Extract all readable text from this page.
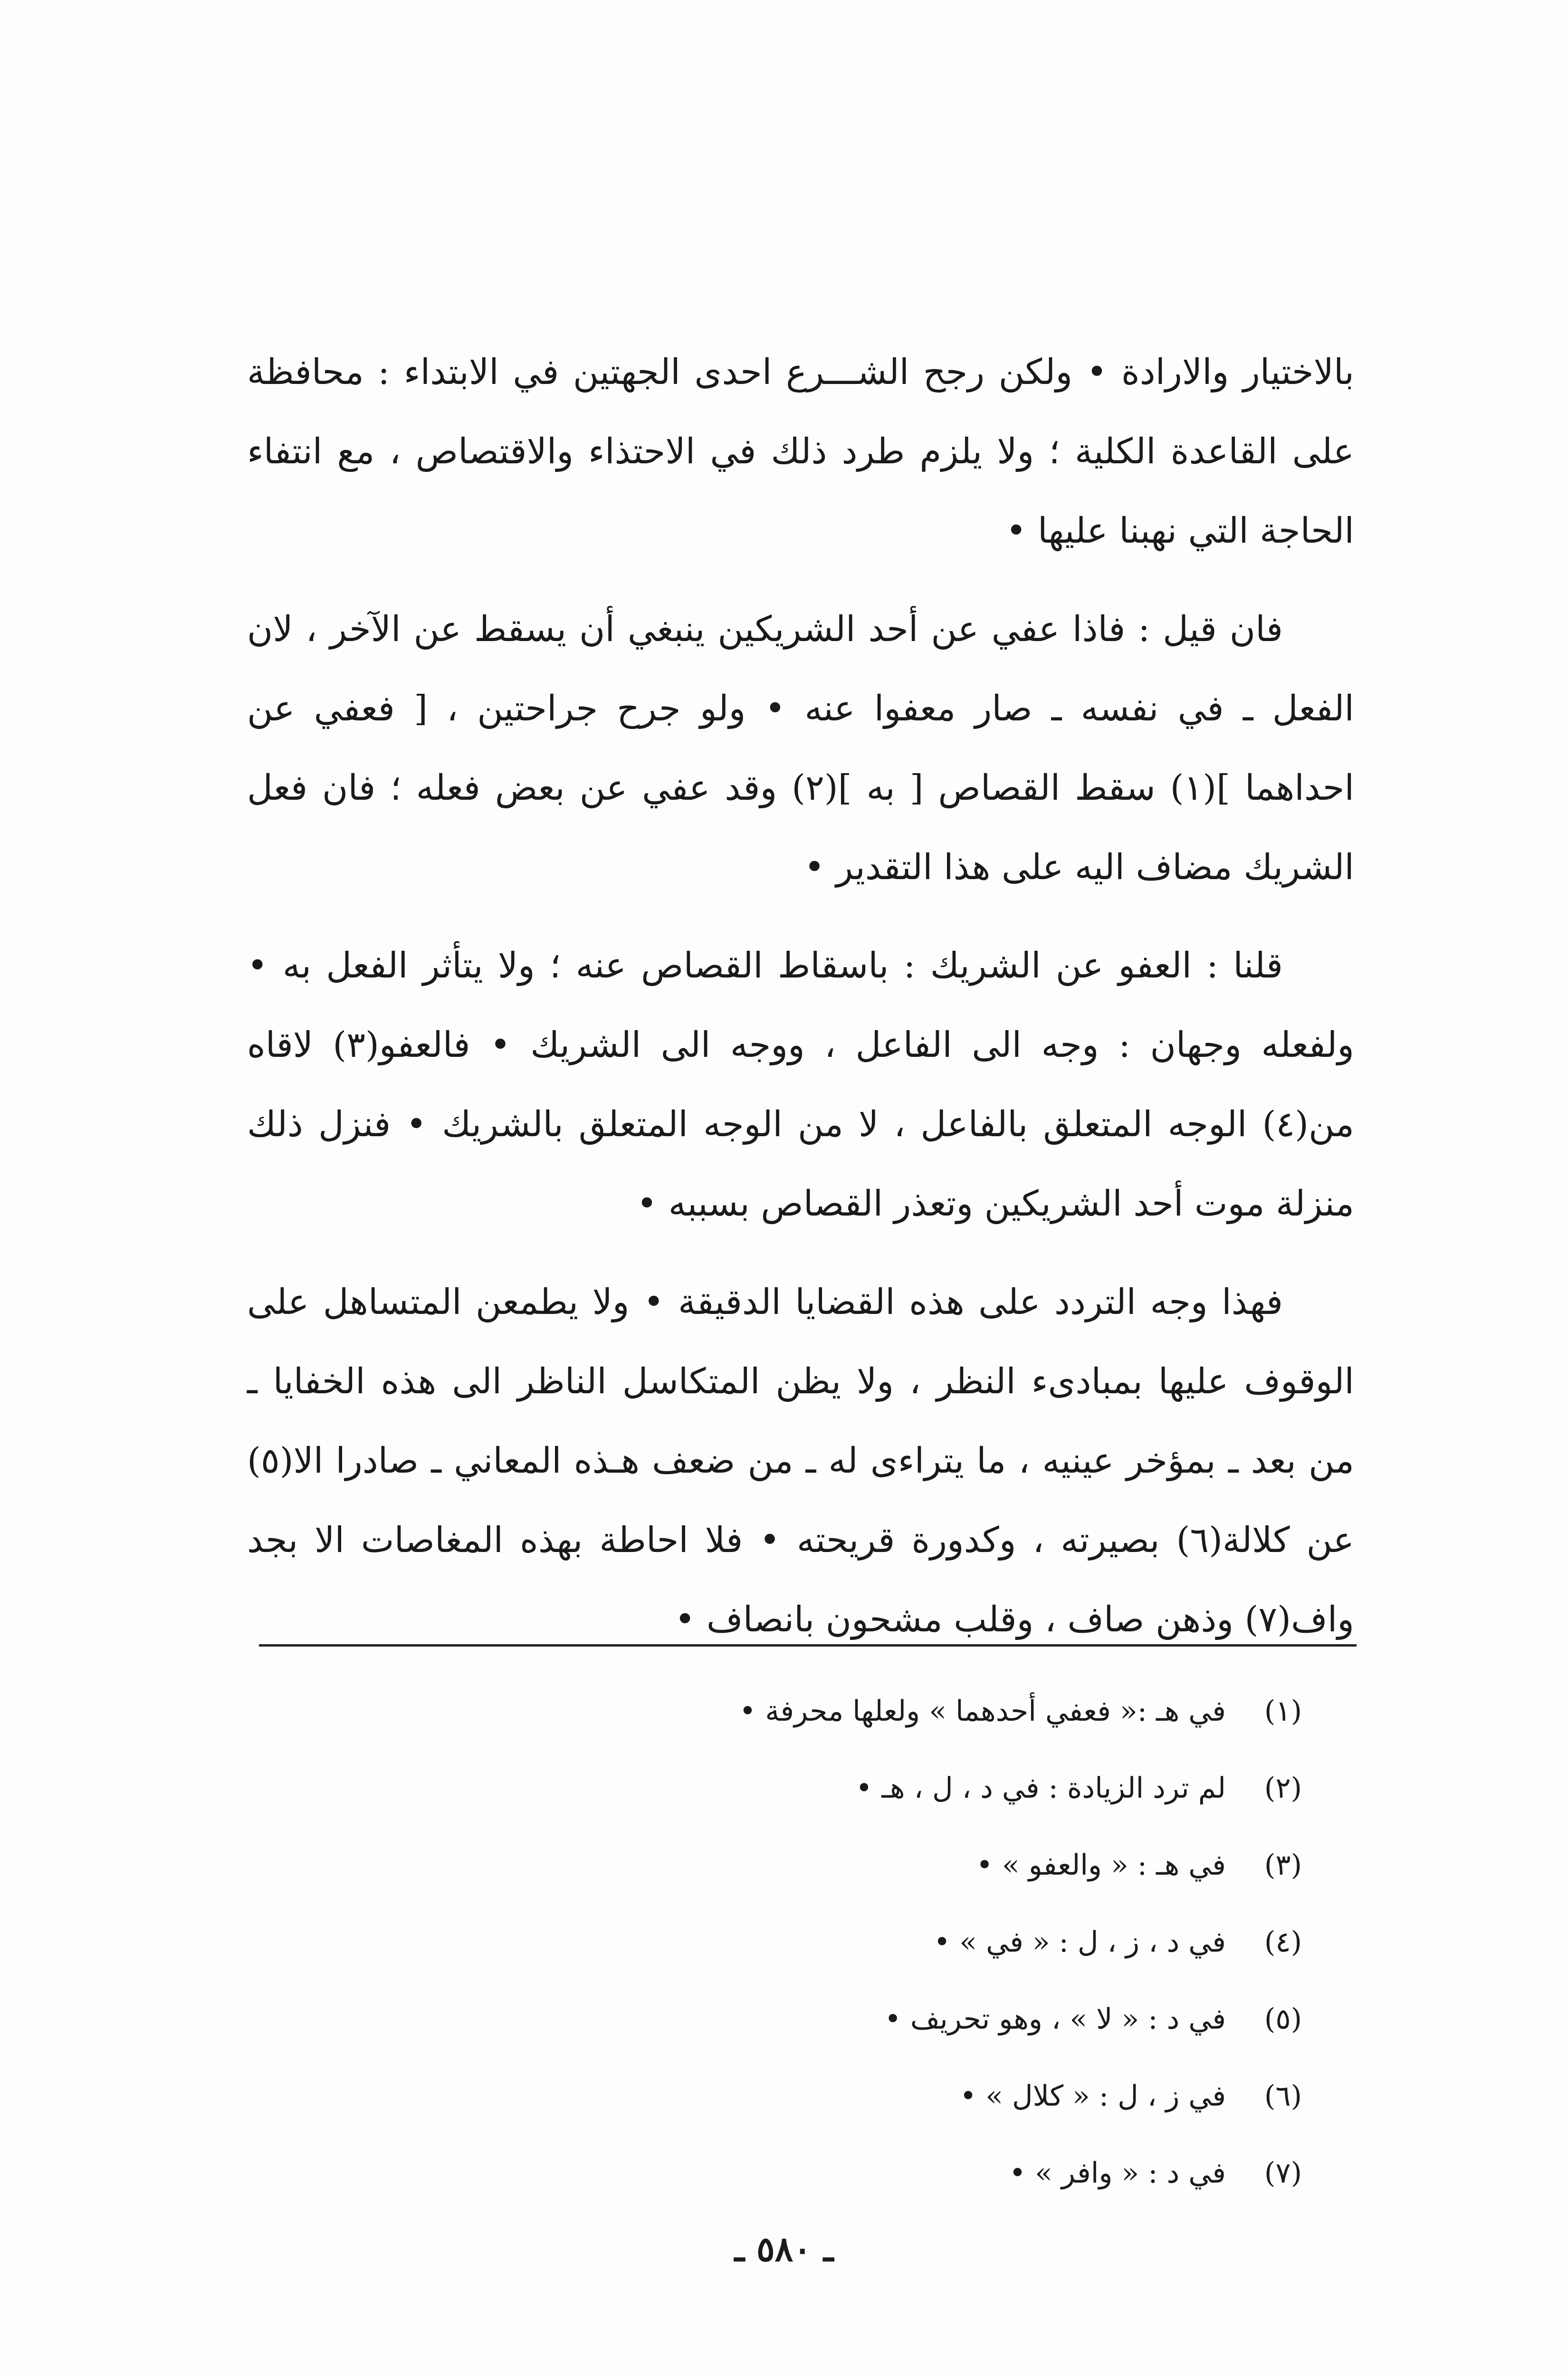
بالاختيار والارادة • ولكن رجح الشـــرع احدى الجهتين في الابتداء : محافظة على القاعدة الكلية ؛ ولا يلزم طرد ذلك في الاحتذاء والاقتصاص ، مع انتفاء الحاجة التي نهبنا عليها •

فان قيل : فاذا عفي عن أحد الشريكين ينبغي أن يسقط عن الآخر ، لان الفعل ـ في نفسه ـ صار معفوا عنه • ولو جرح جراحتين ، [ فعفي عن احداهما ](١) سقط القصاص [ به ](٢) وقد عفي عن بعض فعله ؛ فان فعل الشريك مضاف اليه على هذا التقدير •

قلنا : العفو عن الشريك : باسقاط القصاص عنه ؛ ولا يتأثر الفعل به • ولفعله وجهان : وجه الى الفاعل ، ووجه الى الشريك • فالعفو(٣) لاقاه من(٤) الوجه المتعلق بالفاعل ، لا من الوجه المتعلق بالشريك • فنزل ذلك منزلة موت أحد الشريكين وتعذر القصاص بسببه •

فهذا وجه التردد على هذه القضايا الدقيقة • ولا يطمعن المتساهل على الوقوف عليها بمبادىء النظر ، ولا يظن المتكاسل الناظر الى هذه الخفايا ـ من بعد ـ بمؤخر عينيه ، ما يتراءى له ـ من ضعف هـذه المعاني ـ صادرا الا(٥) عن كلالة(٦) بصيرته ، وكدورة قريحته • فلا احاطة بهذه المغاصات الا بجد واف(٧) وذهن صاف ، وقلب مشحون بانصاف •

(١)
في هـ :« فعفي أحدهما » ولعلها محرفة •
(٢)
لم ترد الزيادة : في د ، ل ، هـ •
(٣)
في هـ : « والعفو » •
(٤)
في د ، ز ، ل : « في » •
(٥)
في د : « لا » ، وهو تحريف •
(٦)
في ز ، ل : « كلال » •
(٧)
في د : « وافر » •
ـ ٥٨٠ ـ
